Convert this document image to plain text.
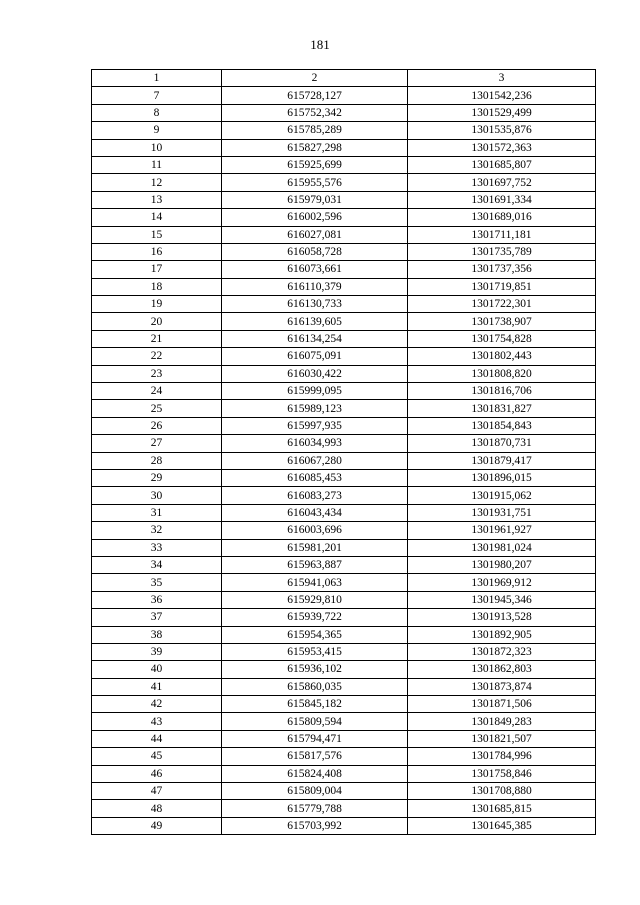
181
1	2	3
7	615728,127	1301542,236
8	615752,342	1301529,499
9	615785,289	1301535,876
10	615827,298	1301572,363
11	615925,699	1301685,807
12	615955,576	1301697,752
13	615979,031	1301691,334
14	616002,596	1301689,016
15	616027,081	1301711,181
16	616058,728	1301735,789
17	616073,661	1301737,356
18	616110,379	1301719,851
19	616130,733	1301722,301
20	616139,605	1301738,907
21	616134,254	1301754,828
22	616075,091	1301802,443
23	616030,422	1301808,820
24	615999,095	1301816,706
25	615989,123	1301831,827
26	615997,935	1301854,843
27	616034,993	1301870,731
28	616067,280	1301879,417
29	616085,453	1301896,015
30	616083,273	1301915,062
31	616043,434	1301931,751
32	616003,696	1301961,927
33	615981,201	1301981,024
34	615963,887	1301980,207
35	615941,063	1301969,912
36	615929,810	1301945,346
37	615939,722	1301913,528
38	615954,365	1301892,905
39	615953,415	1301872,323
40	615936,102	1301862,803
41	615860,035	1301873,874
42	615845,182	1301871,506
43	615809,594	1301849,283
44	615794,471	1301821,507
45	615817,576	1301784,996
46	615824,408	1301758,846
47	615809,004	1301708,880
48	615779,788	1301685,815
49	615703,992	1301645,385
